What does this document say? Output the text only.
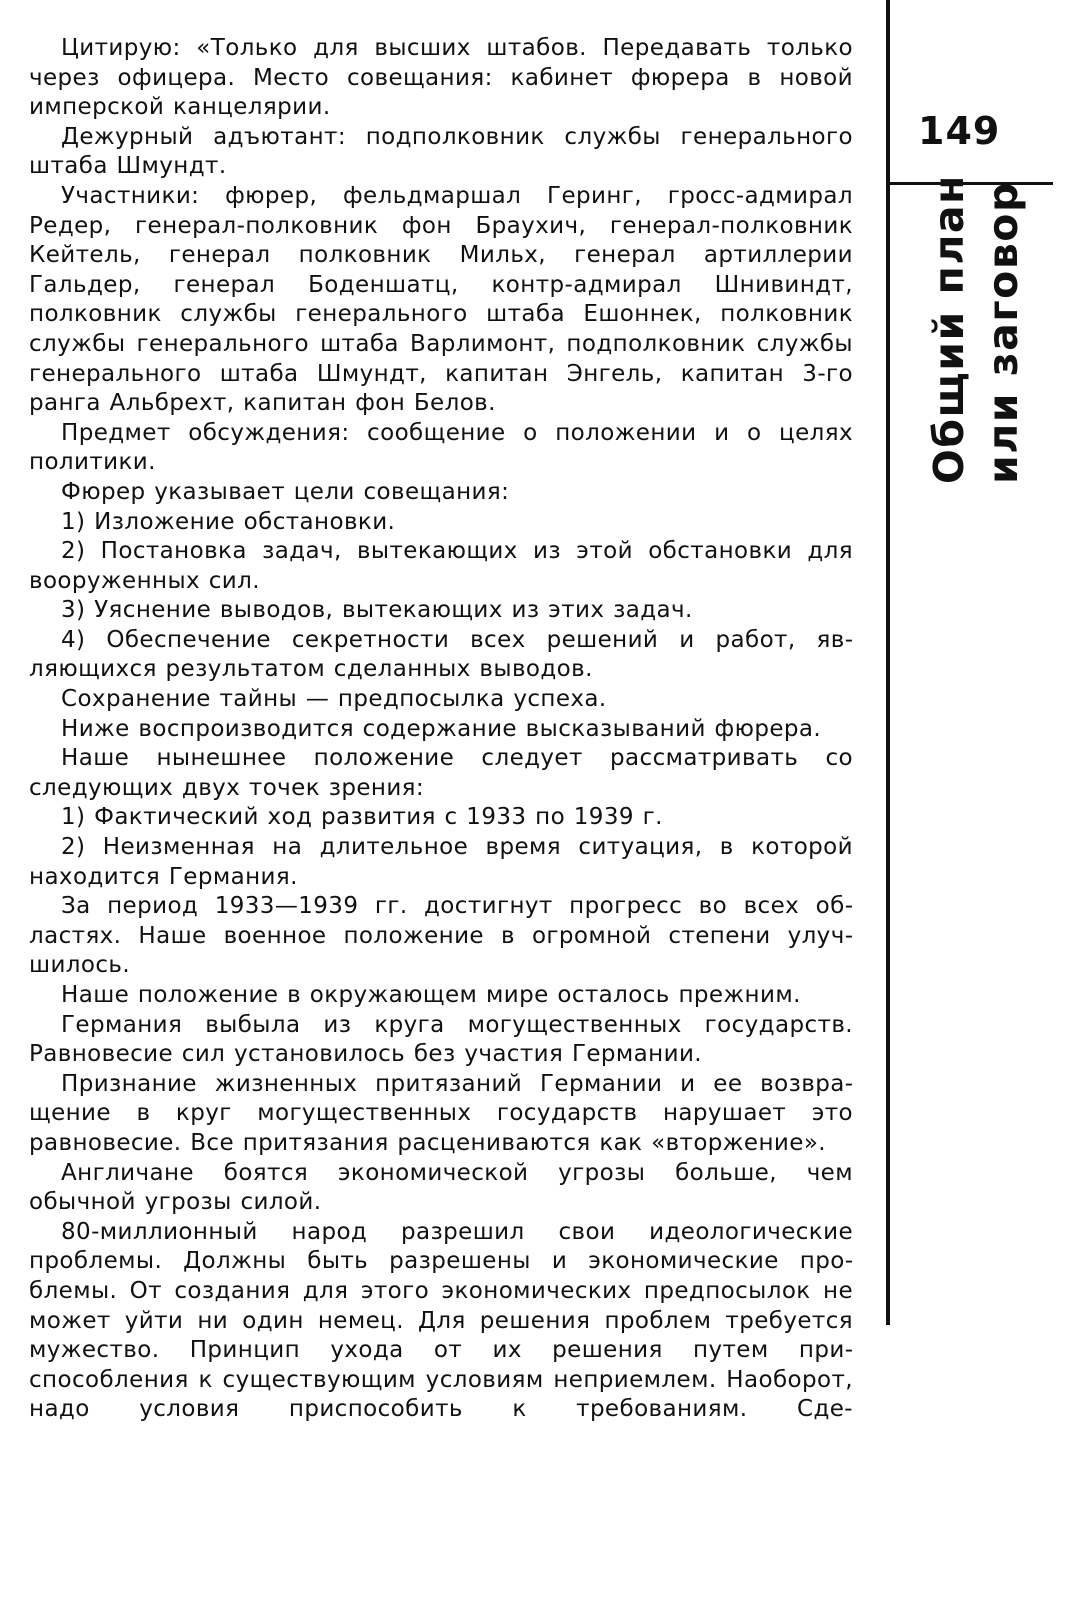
149
Общий план или заговор

Цитирую: «Только для высших штабов. Передавать только через офицера. Место совещания: кабинет фюрера в новой имперской канцелярии.

Дежурный адъютант: подполковник службы генерального штаба Шмундт.

Участники: фюрер, фельдмаршал Геринг, гросс-адмирал Редер, генерал-полковник фон Браухич, генерал-полковник Кейтель, генерал полковник Мильх, генерал артиллерии Гальдер, генерал Боденшатц, контр-адмирал Шнивиндт, полковник службы генерального штаба Ешоннек, полковник службы генерального штаба Варлимонт, подполковник службы генерального штаба Шмундт, капитан Энгель, капитан 3-го ранга Альбрехт, капитан фон Белов.

Предмет обсуждения: сообщение о положении и о целях политики.

Фюрер указывает цели совещания:

1) Изложение обстановки.

2) Постановка задач, вытекающих из этой обстановки для вооруженных сил.

3) Уяснение выводов, вытекающих из этих задач.

4) Обеспечение секретности всех решений и работ, являющихся результатом сделанных выводов.

Сохранение тайны — предпосылка успеха.

Ниже воспроизводится содержание высказываний фюрера.

Наше нынешнее положение следует рассматривать со следующих двух точек зрения:

1) Фактический ход развития с 1933 по 1939 г.

2) Неизменная на длительное время ситуация, в которой находится Германия.

За период 1933—1939 гг. достигнут прогресс во всех областях. Наше военное положение в огромной степени улучшилось.

Наше положение в окружающем мире осталось прежним.

Германия выбыла из круга могущественных государств. Равновесие сил установилось без участия Германии.

Признание жизненных притязаний Германии и ее возвращение в круг могущественных государств нарушает это равновесие. Все притязания расцениваются как «вторжение».

Англичане боятся экономической угрозы больше, чем обычной угрозы силой.

80-миллионный народ разрешил свои идеологические проблемы. Должны быть разрешены и экономические проблемы. От создания для этого экономических предпосылок не может уйти ни один немец. Для решения проблем требуется мужество. Принцип ухода от их решения путем приспособления к существующим условиям неприемлем. Наоборот, надо условия приспособить к требованиям. Сде-
